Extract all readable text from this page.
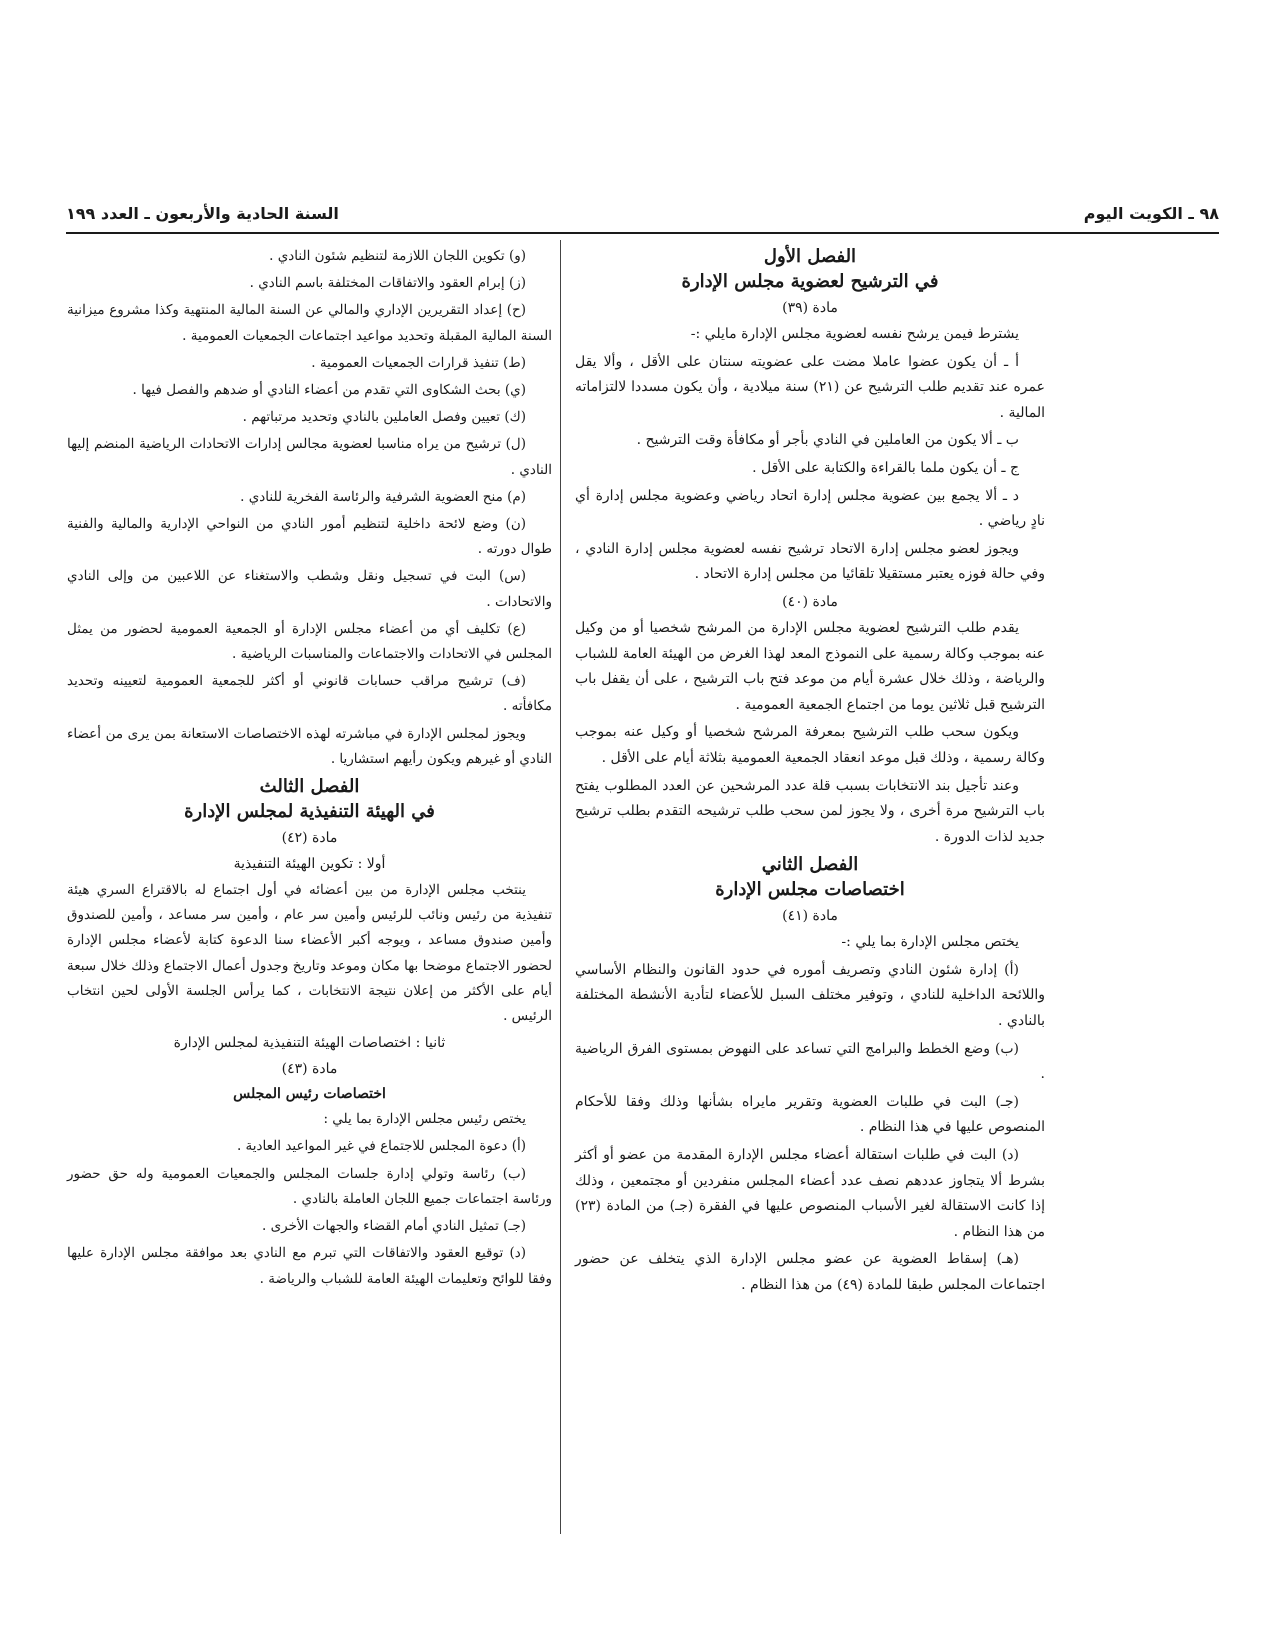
٩٨ ـ الكويت اليوم
السنة الحادية والأربعون ـ العدد ١٩٩
الفصل الأول
في الترشيح لعضوية مجلس الإدارة
مادة (٣٩)

يشترط فيمن يرشح نفسه لعضوية مجلس الإدارة مايلي :-

أ ـ أن يكون عضوا عاملا مضت على عضويته سنتان على الأقل ، وألا يقل عمره عند تقديم طلب الترشيح عن (٢١) سنة ميلادية ، وأن يكون مسددا لالتزاماته المالية .

ب ـ ألا يكون من العاملين في النادي بأجر أو مكافأة وقت الترشيح .

ج ـ أن يكون ملما بالقراءة والكتابة على الأقل .

د ـ ألا يجمع بين عضوية مجلس إدارة اتحاد رياضي وعضوية مجلس إدارة أي نادٍ رياضي .

ويجوز لعضو مجلس إدارة الاتحاد ترشيح نفسه لعضوية مجلس إدارة النادي ، وفي حالة فوزه يعتبر مستقيلا تلقائيا من مجلس إدارة الاتحاد .

مادة (٤٠)

يقدم طلب الترشيح لعضوية مجلس الإدارة من المرشح شخصيا أو من وكيل عنه بموجب وكالة رسمية على النموذج المعد لهذا الغرض من الهيئة العامة للشباب والرياضة ، وذلك خلال عشرة أيام من موعد فتح باب الترشيح ، على أن يقفل باب الترشيح قبل ثلاثين يوما من اجتماع الجمعية العمومية .

ويكون سحب طلب الترشيح بمعرفة المرشح شخصيا أو وكيل عنه بموجب وكالة رسمية ، وذلك قبل موعد انعقاد الجمعية العمومية بثلاثة أيام على الأقل .

وعند تأجيل بند الانتخابات بسبب قلة عدد المرشحين عن العدد المطلوب يفتح باب الترشيح مرة أخرى ، ولا يجوز لمن سحب طلب ترشيحه التقدم بطلب ترشيح جديد لذات الدورة .

الفصل الثاني
اختصاصات مجلس الإدارة
مادة (٤١)

يختص مجلس الإدارة بما يلي :-

(أ) إدارة شئون النادي وتصريف أموره في حدود القانون والنظام الأساسي واللائحة الداخلية للنادي ، وتوفير مختلف السبل للأعضاء لتأدية الأنشطة المختلفة بالنادي .

(ب) وضع الخطط والبرامج التي تساعد على النهوض بمستوى الفرق الرياضية .

(جـ) البت في طلبات العضوية وتقرير مايراه بشأنها وذلك وفقا للأحكام المنصوص عليها في هذا النظام .

(د) البت في طلبات استقالة أعضاء مجلس الإدارة المقدمة من عضو أو أكثر بشرط ألا يتجاوز عددهم نصف عدد أعضاء المجلس منفردين أو مجتمعين ، وذلك إذا كانت الاستقالة لغير الأسباب المنصوص عليها في الفقرة (جـ) من المادة (٢٣) من هذا النظام .

(هـ) إسقاط العضوية عن عضو مجلس الإدارة الذي يتخلف عن حضور اجتماعات المجلس طبقا للمادة (٤٩) من هذا النظام .

(و) تكوين اللجان اللازمة لتنظيم شئون النادي .

(ز) إبرام العقود والاتفاقات المختلفة باسم النادي .

(ح) إعداد التقريرين الإداري والمالي عن السنة المالية المنتهية وكذا مشروع ميزانية السنة المالية المقبلة وتحديد مواعيد اجتماعات الجمعيات العمومية .

(ط) تنفيذ قرارات الجمعيات العمومية .

(ي) بحث الشكاوى التي تقدم من أعضاء النادي أو ضدهم والفصل فيها .

(ك) تعيين وفصل العاملين بالنادي وتحديد مرتباتهم .

(ل) ترشيح من يراه مناسبا لعضوية مجالس إدارات الاتحادات الرياضية المنضم إليها النادي .

(م) منح العضوية الشرفية والرئاسة الفخرية للنادي .

(ن) وضع لائحة داخلية لتنظيم أمور النادي من النواحي الإدارية والمالية والفنية طوال دورته .

(س) البت في تسجيل ونقل وشطب والاستغناء عن اللاعبين من وإلى النادي والاتحادات .

(ع) تكليف أي من أعضاء مجلس الإدارة أو الجمعية العمومية لحضور من يمثل المجلس في الاتحادات والاجتماعات والمناسبات الرياضية .

(ف) ترشيح مراقب حسابات قانوني أو أكثر للجمعية العمومية لتعيينه وتحديد مكافأته .

ويجوز لمجلس الإدارة في مباشرته لهذه الاختصاصات الاستعانة بمن يرى من أعضاء النادي أو غيرهم ويكون رأيهم استشاريا .

الفصل الثالث
في الهيئة التنفيذية لمجلس الإدارة
مادة (٤٢)
أولا : تكوين الهيئة التنفيذية

ينتخب مجلس الإدارة من بين أعضائه في أول اجتماع له بالاقتراع السري هيئة تنفيذية من رئيس ونائب للرئيس وأمين سر عام ، وأمين سر مساعد ، وأمين للصندوق وأمين صندوق مساعد ، ويوجه أكبر الأعضاء سنا الدعوة كتابة لأعضاء مجلس الإدارة لحضور الاجتماع موضحا بها مكان وموعد وتاريخ وجدول أعمال الاجتماع وذلك خلال سبعة أيام على الأكثر من إعلان نتيجة الانتخابات ، كما يرأس الجلسة الأولى لحين انتخاب الرئيس .

ثانيا : اختصاصات الهيئة التنفيذية لمجلس الإدارة
مادة (٤٣)
اختصاصات رئيس المجلس

يختص رئيس مجلس الإدارة بما يلي :

(أ) دعوة المجلس للاجتماع في غير المواعيد العادية .

(ب) رئاسة وتولي إدارة جلسات المجلس والجمعيات العمومية وله حق حضور ورئاسة اجتماعات جميع اللجان العاملة بالنادي .

(جـ) تمثيل النادي أمام القضاء والجهات الأخرى .

(د) توقيع العقود والاتفاقات التي تبرم مع النادي بعد موافقة مجلس الإدارة عليها وفقا للوائح وتعليمات الهيئة العامة للشباب والرياضة .
